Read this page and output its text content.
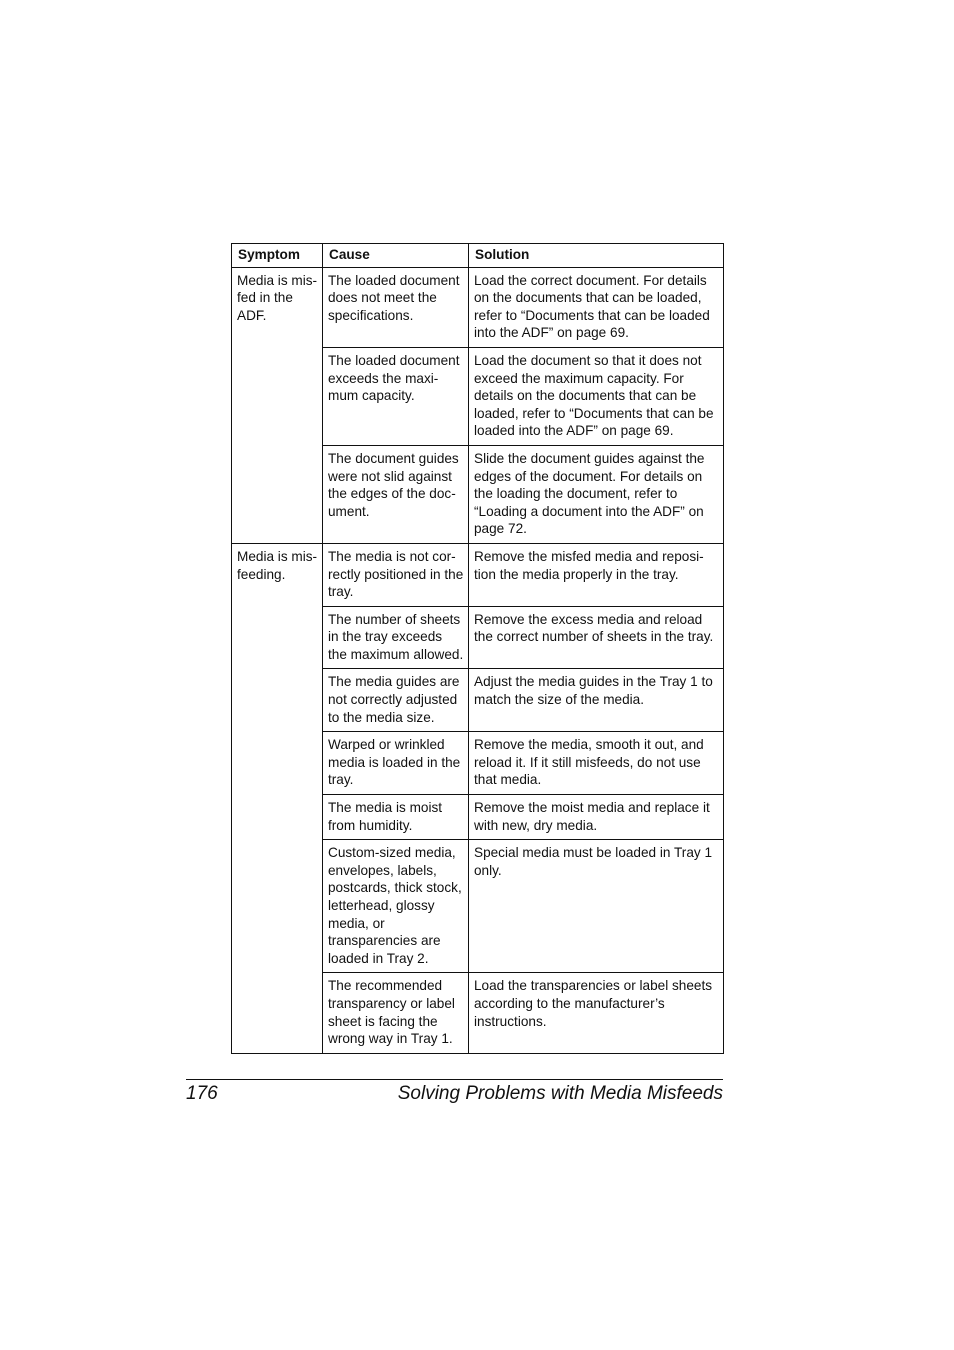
Symptom	Cause	Solution
Media is mis-fed in the ADF.	The loaded document does not meet the specifications.	Load the correct document. For details on the documents that can be loaded, refer to “Documents that can be loaded into the ADF” on page 69.
	The loaded document exceeds the maxi-mum capacity.	Load the document so that it does not exceed the maximum capacity. For details on the documents that can be loaded, refer to “Documents that can be loaded into the ADF” on page 69.
	The document guides were not slid against the edges of the doc-ument.	Slide the document guides against the edges of the document. For details on the loading the document, refer to “Loading a document into the ADF” on page 72.
Media is mis-feeding.	The media is not cor-rectly positioned in the tray.	Remove the misfed media and reposi-tion the media properly in the tray.
	The number of sheets in the tray exceeds the maximum allowed.	Remove the excess media and reload the correct number of sheets in the tray.
	The media guides are not correctly adjusted to the media size.	Adjust the media guides in the Tray 1 to match the size of the media.
	Warped or wrinkled media is loaded in the tray.	Remove the media, smooth it out, and reload it. If it still misfeeds, do not use that media.
	The media is moist from humidity.	Remove the moist media and replace it with new, dry media.
	Custom-sized media, envelopes, labels, postcards, thick stock, letterhead, glossy media, or transparencies are loaded in Tray 2.	Special media must be loaded in Tray 1 only.
	The recommended transparency or label sheet is facing the wrong way in Tray 1.	Load the transparencies or label sheets according to the manufacturer’s instructions.
176	Solving Problems with Media Misfeeds
